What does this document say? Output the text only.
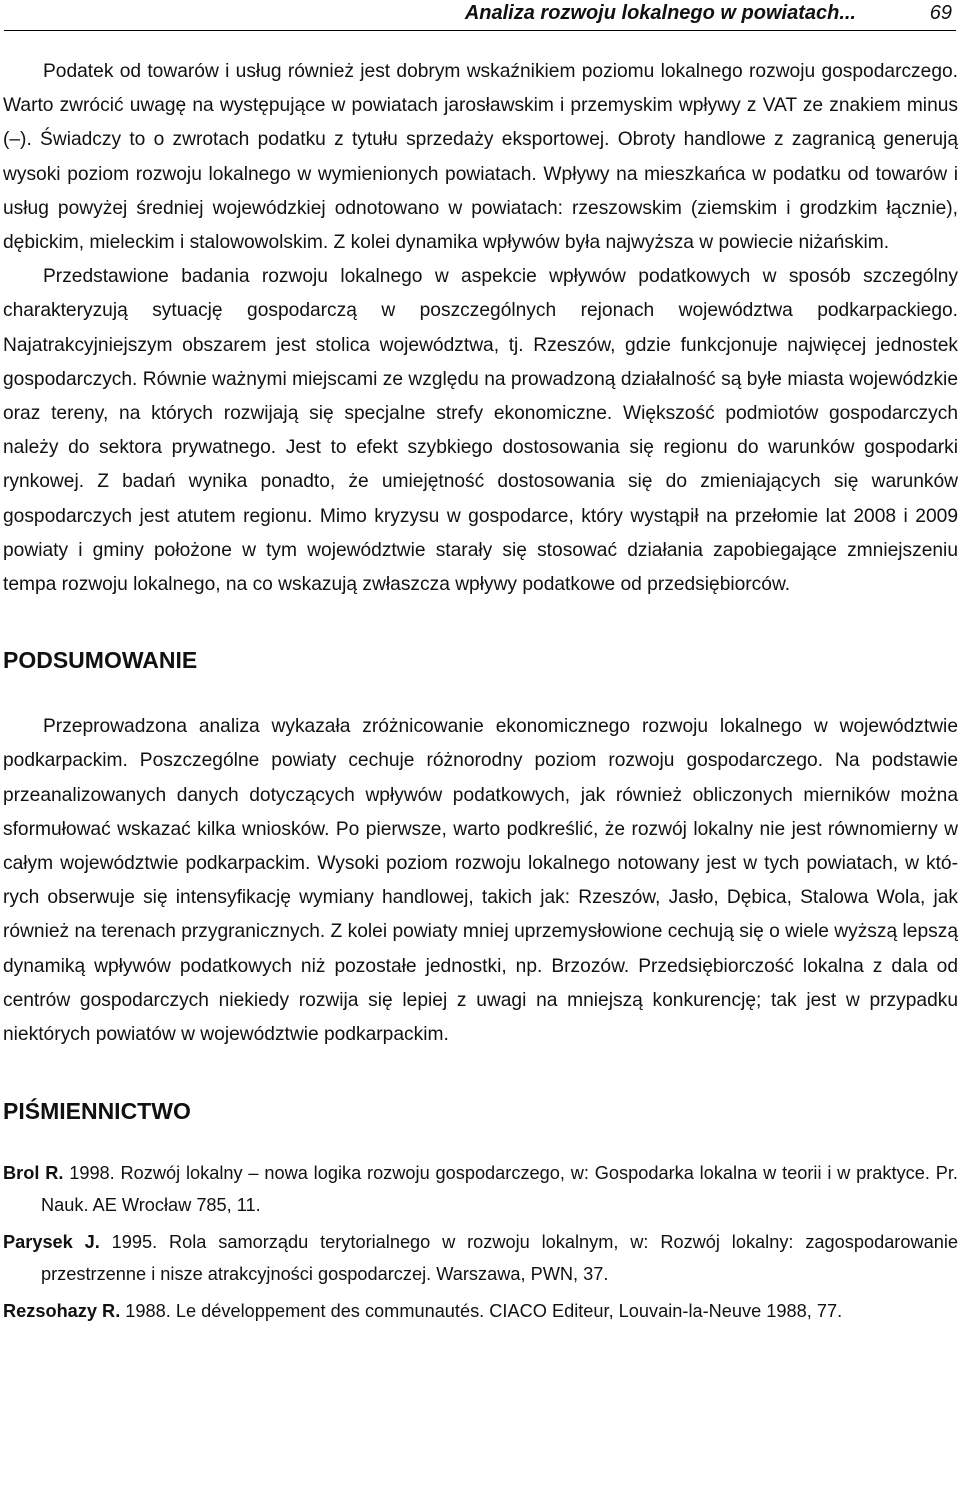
Analiza rozwoju lokalnego w powiatach...	69

Podatek od towarów i usług również jest dobrym wskaźnikiem poziomu lokalnego rozwoju gospodarczego. Warto zwrócić uwagę na występujące w powiatach jarosławskim i przemyskim wpływy z VAT ze znakiem minus (–). Świadczy to o zwrotach podatku z tytułu sprzedaży eksportowej. Obroty handlowe z zagranicą generują wysoki poziom rozwoju lokalnego w wymienionych powiatach. Wpływy na mieszkańca w podatku od towarów i usług powyżej średniej wojewódzkiej odnotowano w powiatach: rzeszowskim (ziemskim i grodzkim łącznie), dębickim, mieleckim i stalowowolskim. Z kolei dynamika wpływów była najwyższa w powiecie niżańskim.

Przedstawione badania rozwoju lokalnego w aspekcie wpływów podatkowych w sposób szczególny charakteryzują sytuację gospodarczą w poszczególnych rejonach województwa podkarpackiego. Najatrakcyjniejszym obszarem jest stolica województwa, tj. Rzeszów, gdzie funkcjonuje najwięcej jednostek gospodarczych. Równie ważnymi miejscami ze względu na prowadzoną działalność są byłe miasta wojewódzkie oraz tereny, na których rozwijają się specjalne strefy ekonomiczne. Większość podmiotów gospodarczych należy do sektora prywatnego. Jest to efekt szybkiego dostosowania się regionu do warunków gospodarki rynkowej. Z badań wynika ponadto, że umiejętność dostosowania się do zmieniających się warunków gospodarczych jest atutem regionu. Mimo kryzysu w gospodarce, który wystąpił na przełomie lat 2008 i 2009 powiaty i gminy położone w tym województwie starały się stosować działania zapobiegające zmniejszeniu tempa rozwoju lokalnego, na co wskazują zwłaszcza wpływy podatkowe od przedsiębiorców.

PODSUMOWANIE

Przeprowadzona analiza wykazała zróżnicowanie ekonomicznego rozwoju lokalnego w województwie podkarpackim. Poszczególne powiaty cechuje różnorodny poziom rozwoju gospodarczego. Na podstawie przeanalizowanych danych dotyczących wpływów podatkowych, jak również obliczonych mierników można sformułować wskazać kilka wniosków. Po pierwsze, warto podkreślić, że rozwój lokalny nie jest równomierny w całym województwie podkarpackim. Wysoki poziom rozwoju lokalnego notowany jest w tych powiatach, w których obserwuje się intensyfikację wymiany handlowej, takich jak: Rzeszów, Jasło, Dębica, Stalowa Wola, jak również na terenach przygranicznych. Z kolei powiaty mniej uprzemysłowione cechują się o wiele wyższą lepszą dynamiką wpływów podatkowych niż pozostałe jednostki, np. Brzozów. Przedsiębiorczość lokalna z dala od centrów gospodarczych niekiedy rozwija się lepiej z uwagi na mniejszą konkurencję; tak jest w przypadku niektórych powiatów w województwie podkarpackim.

PIŚMIENNICTWO

Brol R. 1998. Rozwój lokalny – nowa logika rozwoju gospodarczego, w: Gospodarka lokalna w teorii i w praktyce. Pr. Nauk. AE Wrocław 785, 11.

Parysek J. 1995. Rola samorządu terytorialnego w rozwoju lokalnym, w: Rozwój lokalny: zagospodarowanie przestrzenne i nisze atrakcyjności gospodarczej. Warszawa, PWN, 37.

Rezsohazy R. 1988. Le développement des communautés. CIACO Editeur, Louvain-la-Neuve 1988, 77.
